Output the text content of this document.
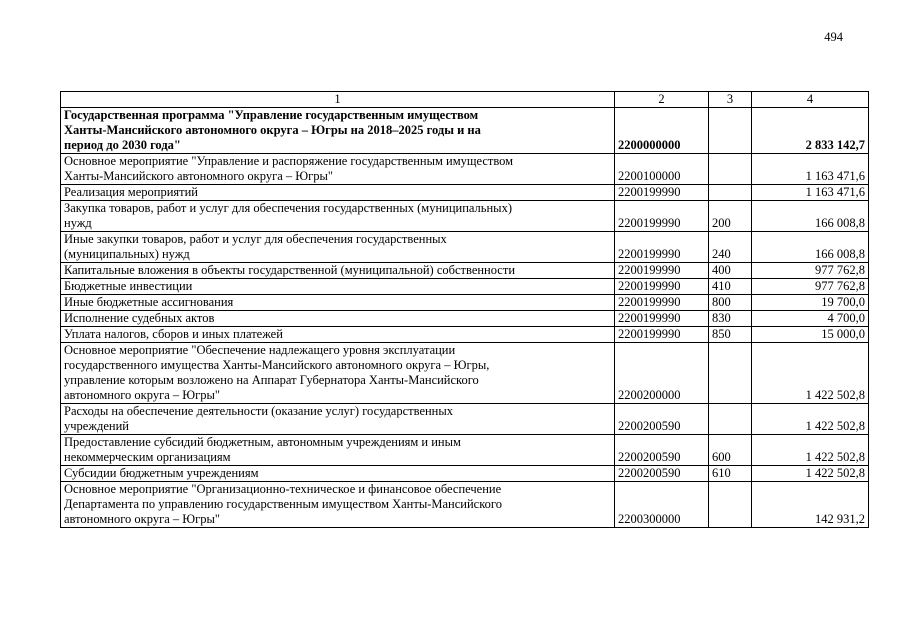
494
1	2	3	4

Государственная программа "Управление государственным имуществом
Ханты-Мансийского автономного округа – Югры на 2018–2025 годы и на
период до 2030 года"	2200000000		2 833 142,7

Основное мероприятие "Управление и распоряжение государственным имуществом
Ханты-Мансийского автономного округа – Югры"	2200100000		1 163 471,6

Реализация мероприятий	2200199990		1 163 471,6

Закупка товаров, работ и услуг для обеспечения государственных (муниципальных)
нужд	2200199990	200	166 008,8

Иные закупки товаров, работ и услуг для обеспечения государственных
(муниципальных) нужд	2200199990	240	166 008,8

Капитальные вложения в объекты государственной (муниципальной) собственности	2200199990	400	977 762,8

Бюджетные инвестиции	2200199990	410	977 762,8

Иные бюджетные ассигнования	2200199990	800	19 700,0

Исполнение судебных актов	2200199990	830	4 700,0

Уплата налогов, сборов и иных платежей	2200199990	850	15 000,0

Основное мероприятие "Обеспечение надлежащего уровня эксплуатации
государственного имущества Ханты-Мансийского автономного округа – Югры,
управление которым возложено на Аппарат Губернатора Ханты-Мансийского
автономного округа – Югры"	2200200000		1 422 502,8

Расходы на обеспечение деятельности (оказание услуг) государственных
учреждений	2200200590		1 422 502,8

Предоставление субсидий бюджетным, автономным учреждениям и иным
некоммерческим организациям	2200200590	600	1 422 502,8

Субсидии бюджетным учреждениям	2200200590	610	1 422 502,8

Основное мероприятие "Организационно-техническое и финансовое обеспечение
Департамента по управлению государственным имуществом Ханты-Мансийского
автономного округа – Югры"	2200300000		142 931,2
